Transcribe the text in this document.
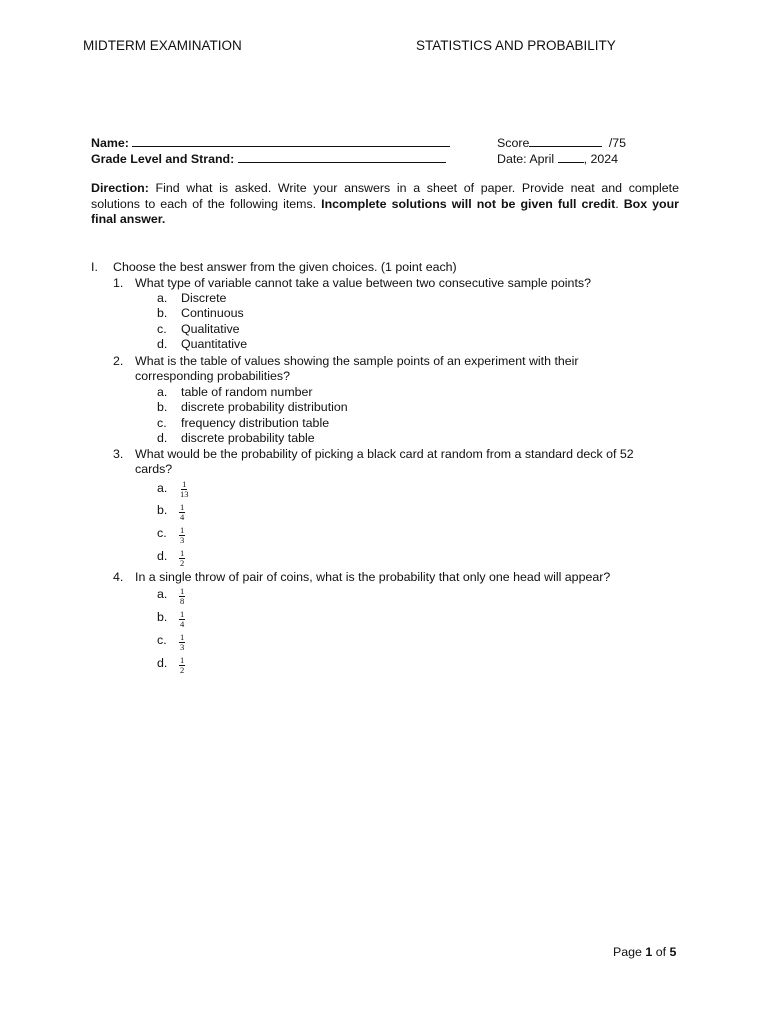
MIDTERM EXAMINATION	STATISTICS AND PROBABILITY
Name:
Grade Level and Strand:
Score	/75
Date: April , 2024
Direction: Find what is asked. Write your answers in a sheet of paper. Provide neat and complete solutions to each of the following items. Incomplete solutions will not be given full credit. Box your final answer.
I. Choose the best answer from the given choices. (1 point each)
1. What type of variable cannot take a value between two consecutive sample points?
a. Discrete
b. Continuous
c. Qualitative
d. Quantitative
2. What is the table of values showing the sample points of an experiment with their
corresponding probabilities?
a. table of random number
b. discrete probability distribution
c. frequency distribution table
d. discrete probability table
3. What would be the probability of picking a black card at random from a standard deck of 52
cards?
a. $\frac{1}{13}$
b. $\frac{1}{4}$
c. $\frac{1}{3}$
d. $\frac{1}{2}$
4. In a single throw of pair of coins, what is the probability that only one head will appear?
a. $\frac{1}{8}$
b. $\frac{1}{4}$
c. $\frac{1}{3}$
d. $\frac{1}{2}$
Page 1 of 5
